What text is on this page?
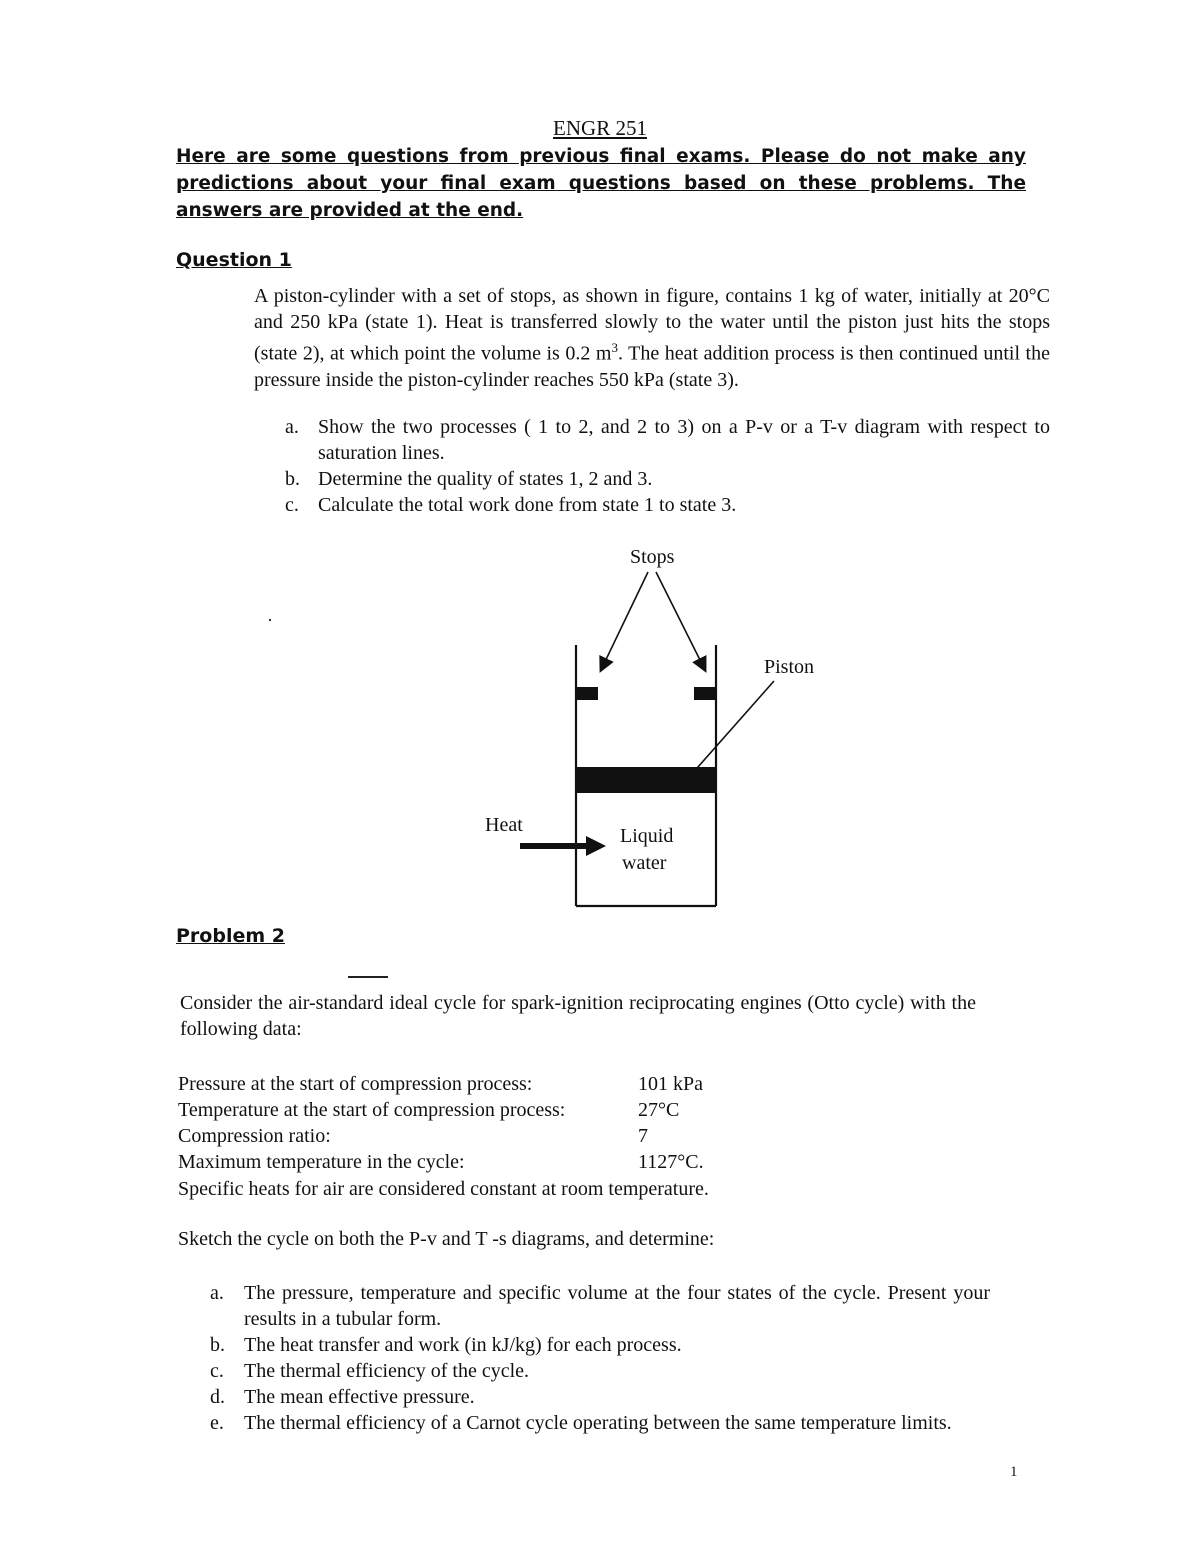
ENGR 251
Here are some questions from previous final exams. Please do not make any predictions about your final exam questions based on these problems. The answers are provided at the end.
Question 1
A piston-cylinder with a set of stops, as shown in figure, contains 1 kg of water, initially at 20°C and 250 kPa (state 1). Heat is transferred slowly to the water until the piston just hits the stops (state 2), at which point the volume is 0.2 $m^3$. The heat addition process is then continued until the pressure inside the piston-cylinder reaches 550 kPa (state 3).
a. Show the two processes ( 1 to 2, and 2 to 3) on a P-v or a T-v diagram with respect to saturation lines.
b. Determine the quality of states 1, 2 and 3.
c. Calculate the total work done from state 1 to state 3.
Stops
Piston
Heat	Liquid
water
Problem 2
Consider the air-standard ideal cycle for spark-ignition reciprocating engines (Otto cycle) with the following data:
Pressure at the start of compression process:	101 kPa
Temperature at the start of compression process:	27°C
Compression ratio:	7
Maximum temperature in the cycle:	1127°C.
Specific heats for air are considered constant at room temperature.
Sketch the cycle on both the P-v and T -s diagrams, and determine:
a. The pressure, temperature and specific volume at the four states of the cycle. Present your results in a tubular form.
b. The heat transfer and work (in kJ/kg) for each process.
c. The thermal efficiency of the cycle.
d. The mean effective pressure.
e. The thermal efficiency of a Carnot cycle operating between the same temperature limits.
1
